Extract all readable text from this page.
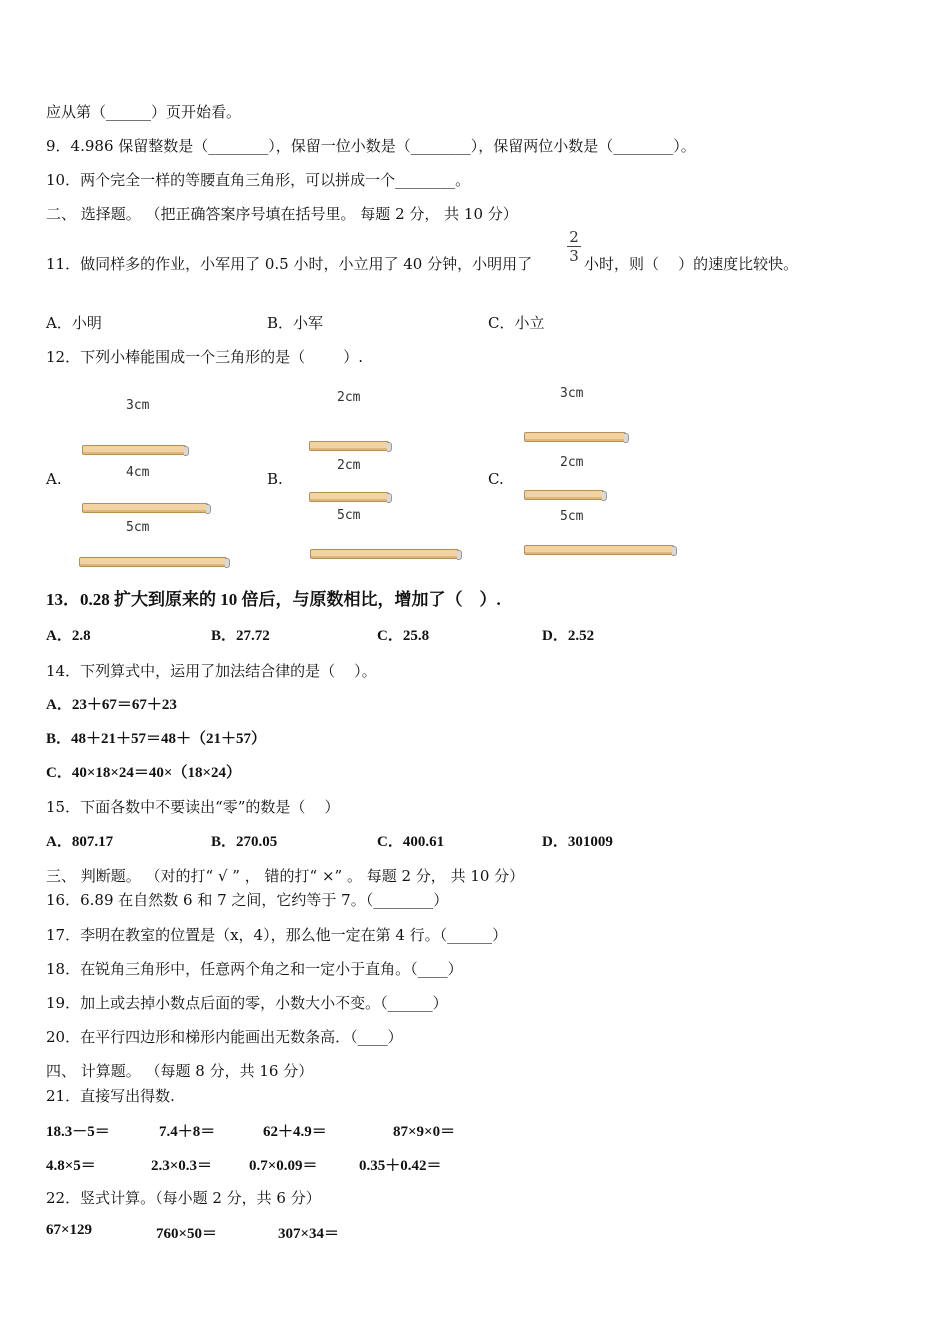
应从第（______）页开始看。
9．4.986 保留整数是（________），保留一位小数是（________），保留两位小数是（________）。
10．两个完全一样的等腰直角三角形，可以拼成一个________。
二、 选择题。 （把正确答案序号填在括号里。 每题 2 分， 共 10 分）
11．做同样多的作业，小军用了 0.5 小时，小立用了 40 分钟，小明用了
2
3 小时，则（    ）的速度比较快。
A．小明	B．小军	C．小立
12．下列小棒能围成一个三角形的是（        ）.
A.
3cm
4cm
5cm
B.
2cm
2cm
5cm
C.
3cm
2cm
5cm
13．0.28 扩大到原来的 10 倍后，与原数相比，增加了（    ）.
A．2.8	B．27.72	C．25.8	D．2.52
14．下列算式中，运用了加法结合律的是（    ）。
A．23＋67＝67＋23
B．48＋21＋57＝48＋（21＋57）
C．40×18×24＝40×（18×24）
15．下面各数中不要读出“零”的数是（    ）
A．807.17	B．270.05	C．400.61	D．301009
三、 判断题。 （对的打“ √ ” ， 错的打“ ×” 。 每题 2 分， 共 10 分）
16．6.89 在自然数 6 和 7 之间，它约等于 7。（________）
17．李明在教室的位置是（x，4），那么他一定在第 4 行。（______）
18．在锐角三角形中，任意两个角之和一定小于直角。（____）
19．加上或去掉小数点后面的零，小数大小不变。（______）
20．在平行四边形和梯形内能画出无数条高．（____）
四、 计算题。 （每题 8 分，共 16 分）
21．直接写出得数.
18.3－5＝	7.4＋8＝	62＋4.9＝	87×9×0＝
4.8×5＝	2.3×0.3＝ 0.7×0.09＝	0.35＋0.42＝
22．竖式计算。（每小题 2 分，共 6 分）
67×129	760×50＝	307×34＝
